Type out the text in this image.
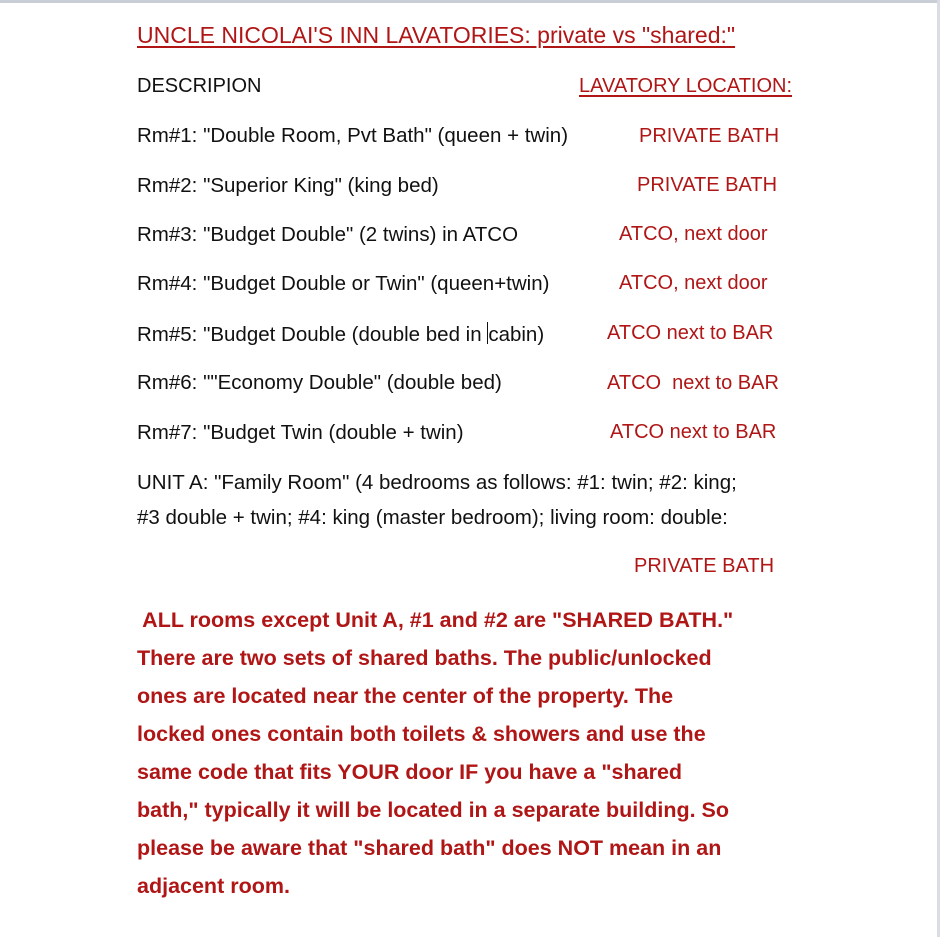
UNCLE NICOLAI'S INN LAVATORIES: private vs "shared:"
DESCRIPION	LAVATORY LOCATION:
Rm#1: "Double Room, Pvt Bath" (queen + twin)	PRIVATE BATH
Rm#2: "Superior King" (king bed)	PRIVATE BATH
Rm#3: "Budget Double" (2 twins) in ATCO	ATCO, next door
Rm#4: "Budget Double or Twin" (queen+twin)	ATCO, next door
Rm#5: "Budget Double (double bed in cabin)	ATCO next to BAR
Rm#6: ""Economy Double" (double bed)	ATCO  next to BAR
Rm#7: "Budget Twin (double + twin)	ATCO next to BAR
UNIT A: "Family Room" (4 bedrooms as follows: #1: twin; #2: king;
#3 double + twin; #4: king (master bedroom); living room: double:
PRIVATE BATH
ALL rooms except Unit A, #1 and #2 are "SHARED BATH."
There are two sets of shared baths. The public/unlocked
ones are located near the center of the property. The
locked ones contain both toilets & showers and use the
same code that fits YOUR door IF you have a "shared
bath," typically it will be located in a separate building. So
please be aware that "shared bath" does NOT mean in an
adjacent room.
